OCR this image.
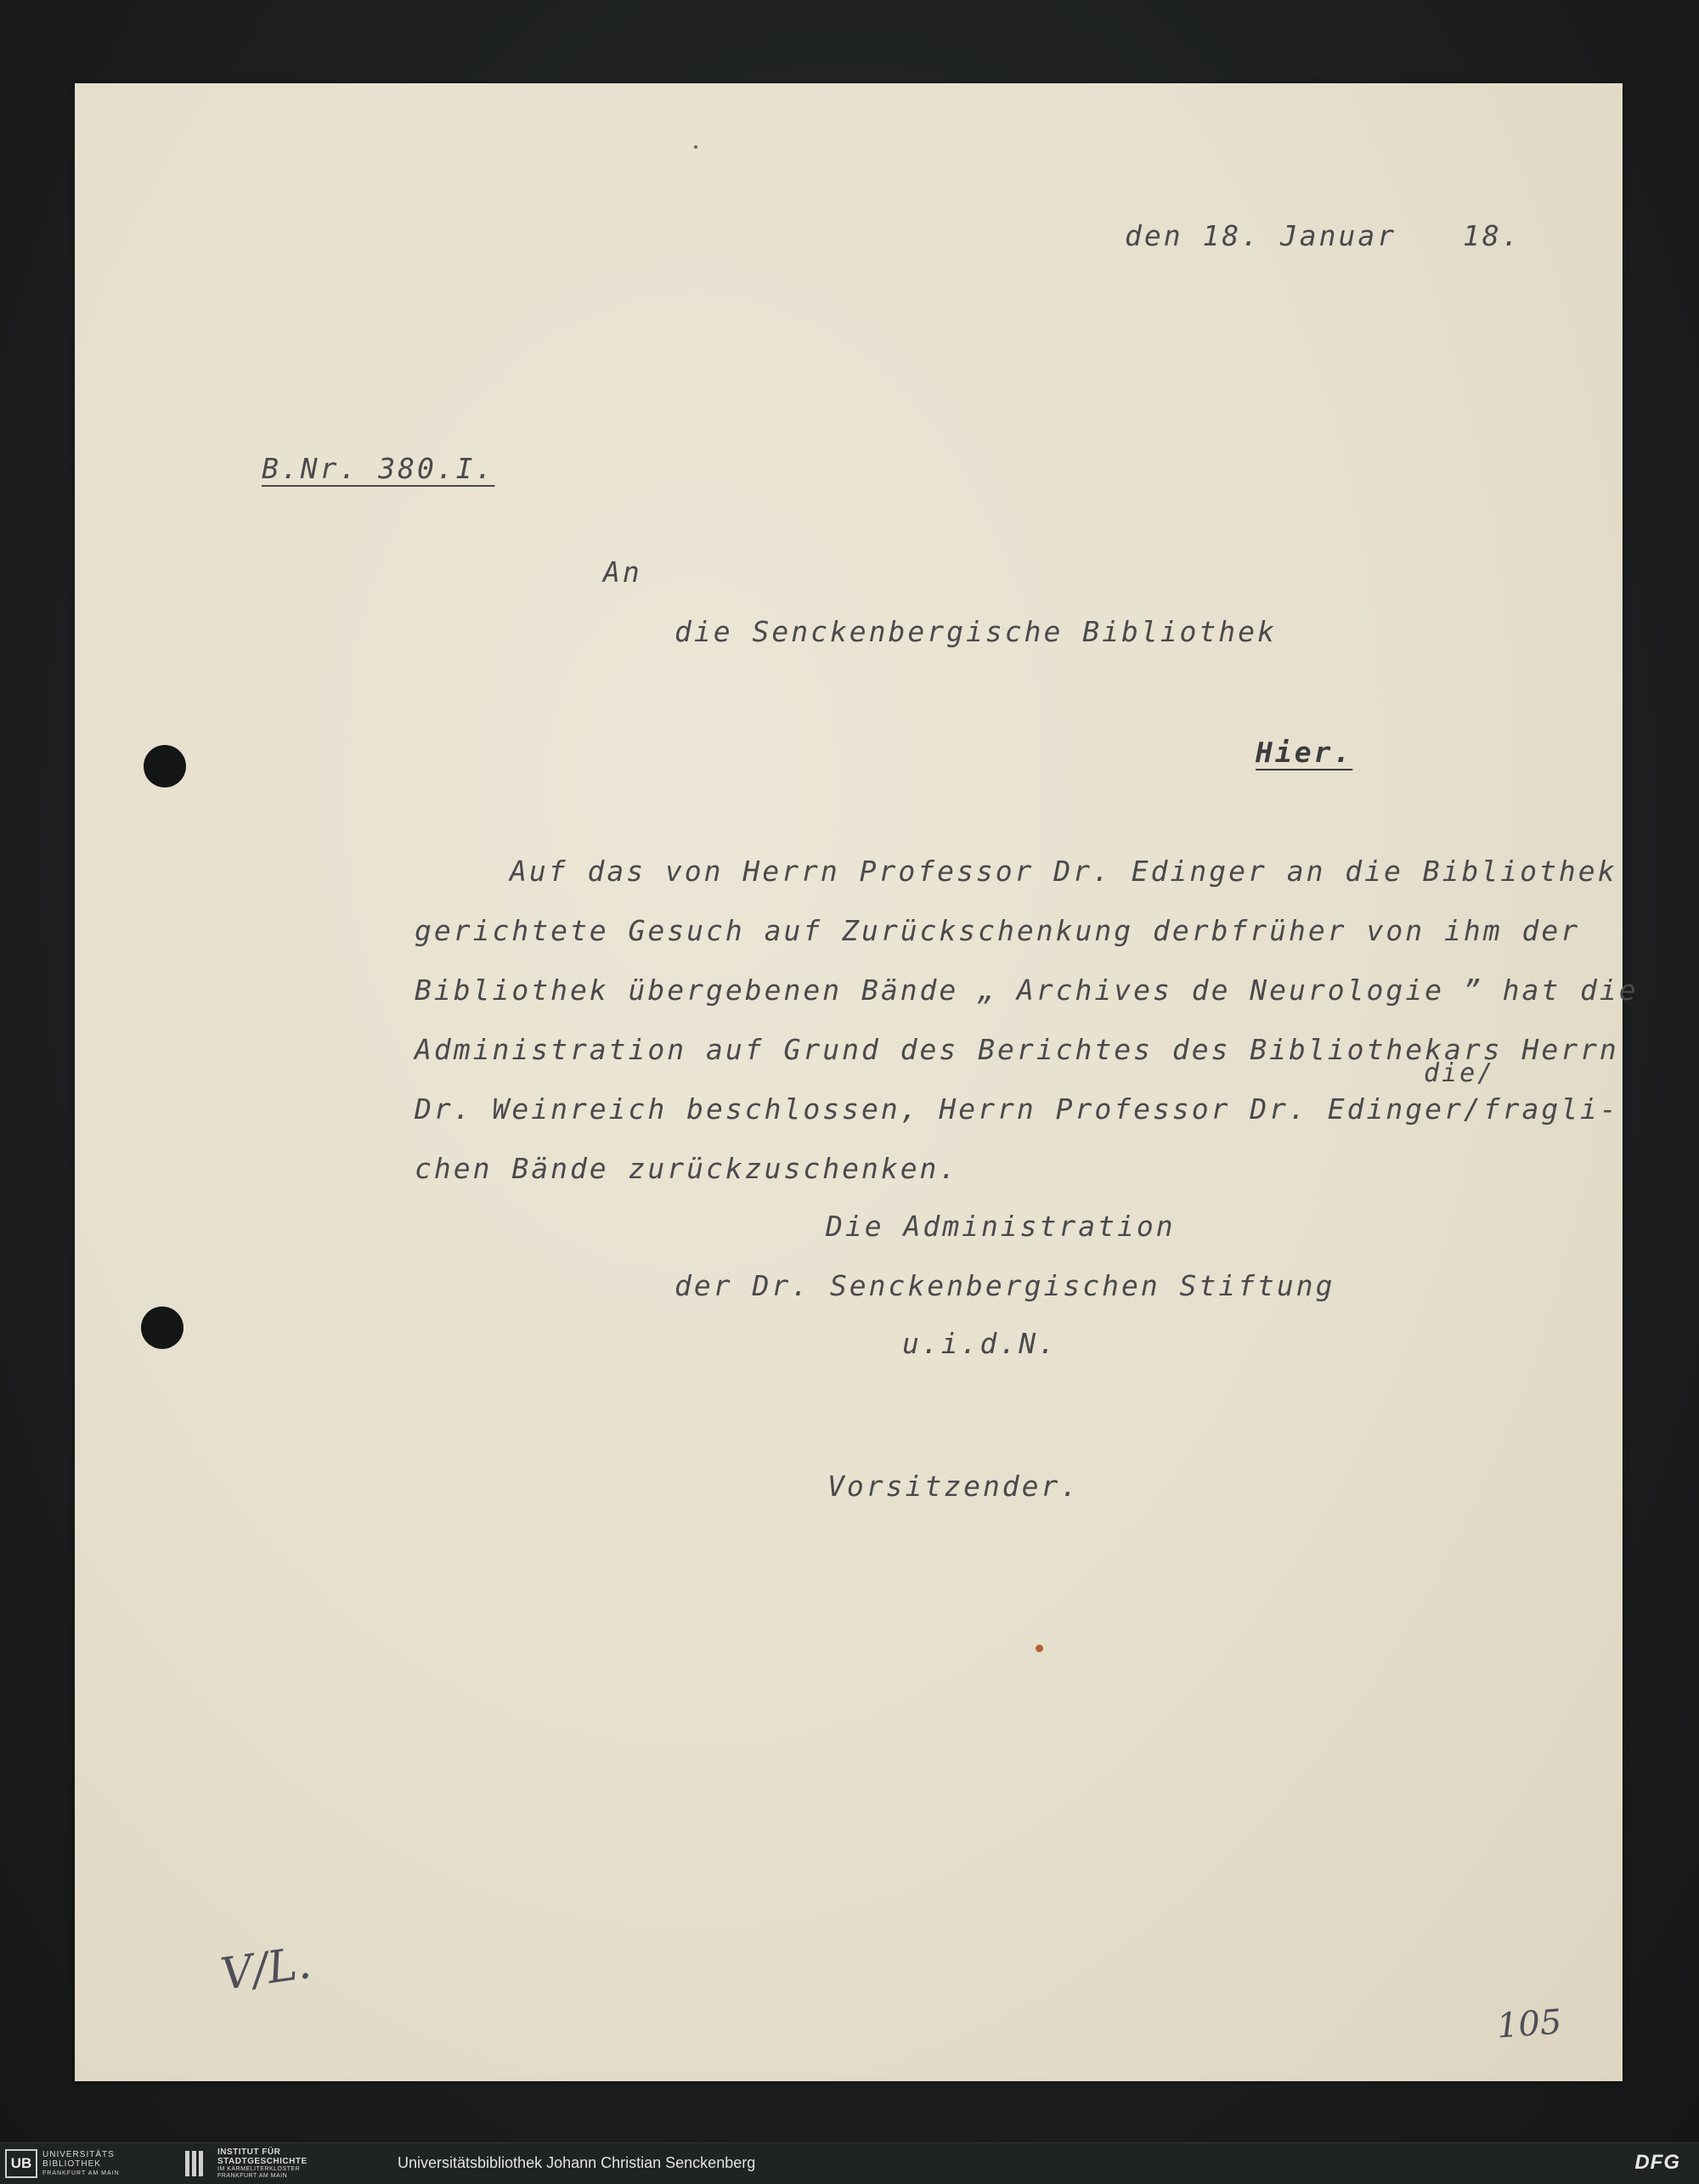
den 18. Januar 18.

B.Nr. 380.I.

An

die Senckenbergische Bibliothek

Hier.

Auf das von Herrn Professor Dr. Edinger an die Bibliothek

gerichtete Gesuch auf Zurückschenkung derbfrüher von ihm der

Bibliothek übergebenen Bände „ Archives de Neurologie ” hat die

Administration auf Grund des Berichtes des Bibliothekars Herrn

die/

Dr. Weinreich beschlossen, Herrn Professor Dr. Edinger/fragli-

chen Bände zurückzuschenken.

Die Administration

der Dr. Senckenbergischen Stiftung

u.i.d.N.

Vorsitzender.

V/L.
105
UB
UNIVERSITÄTS
BIBLIOTHEK
FRANKFURT AM MAIN
INSTITUT FÜR
STADTGESCHICHTE
IM KARMELITERKLOSTER
FRANKFURT AM MAIN
Universitätsbibliothek Johann Christian Senckenberg	DFG
